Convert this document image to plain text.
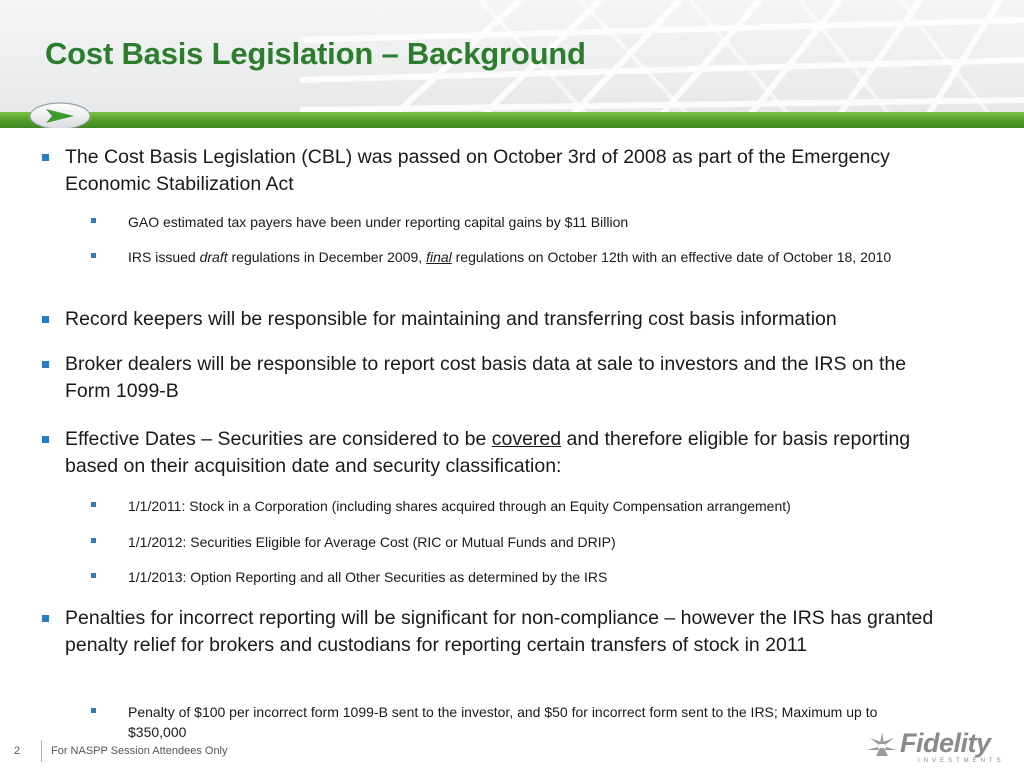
Cost Basis Legislation – Background
The Cost Basis Legislation (CBL) was passed on October 3rd of 2008 as part of the Emergency Economic Stabilization Act
GAO estimated tax payers have been under reporting capital gains by $11 Billion
IRS issued draft regulations in December 2009, final regulations on October 12th with an effective date of October 18, 2010
Record keepers will be responsible for maintaining and transferring cost basis information
Broker dealers will be responsible to report cost basis data at sale to investors and the IRS on the Form 1099-B
Effective Dates – Securities are considered to be covered and therefore eligible for basis reporting based on their acquisition date and security classification:
1/1/2011: Stock in a Corporation (including shares acquired through an Equity Compensation arrangement)
1/1/2012: Securities Eligible for Average Cost (RIC or Mutual Funds and DRIP)
1/1/2013: Option Reporting and all Other Securities as determined by the IRS
Penalties for incorrect reporting will be significant for non-compliance – however the IRS has granted penalty relief for brokers and custodians for reporting certain transfers of stock in 2011
Penalty of $100 per incorrect form 1099-B sent to the investor, and $50 for incorrect form sent to the IRS; Maximum up to $350,000
2	For NASPP Session Attendees Only	Fidelity
INVESTMENTS
